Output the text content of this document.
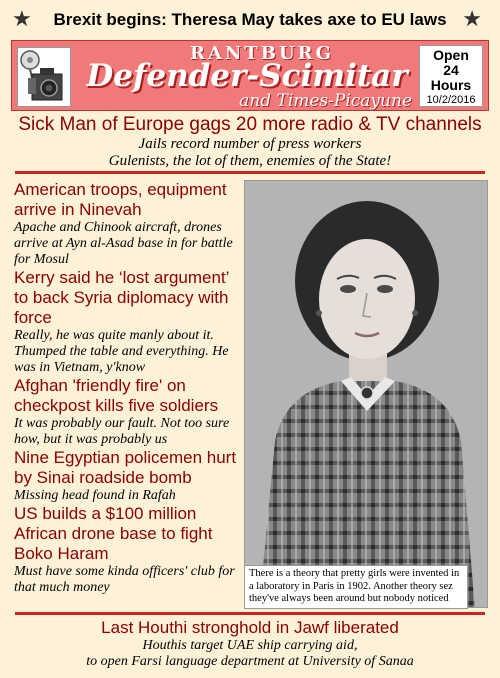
★ Brexit begins: Theresa May takes axe to EU laws ★
RANTBURG
Defender-Scimitar
and Times-Picayune
Open
24
Hours
10/2/2016
Sick Man of Europe gags 20 more radio & TV channels
Jails record number of press workers
Gulenists, the lot of them, enemies of the State!
American troops, equipment arrive in Ninevah

Apache and Chinook aircraft, drones arrive at Ayn al-Asad base in for battle for Mosul

Kerry said he ‘lost argument’ to back Syria diplomacy with force

Really, he was quite manly about it. Thumped the table and everything. He was in Vietnam, y'know

Afghan 'friendly fire' on checkpost kills five soldiers

It was probably our fault. Not too sure how, but it was probably us

Nine Egyptian policemen hurt by Sinai roadside bomb

Missing head found in Rafah

US builds a $100 million African drone base to fight Boko Haram

Must have some kinda officers' club for that much money

There is a theory that pretty girls were invented in a laboratory in Paris in 1902. Another theory sez they've always been around but nobody noticed
Last Houthi stronghold in Jawf liberated

Houthis target UAE ship carrying aid,

to open Farsi language department at University of Sanaa
